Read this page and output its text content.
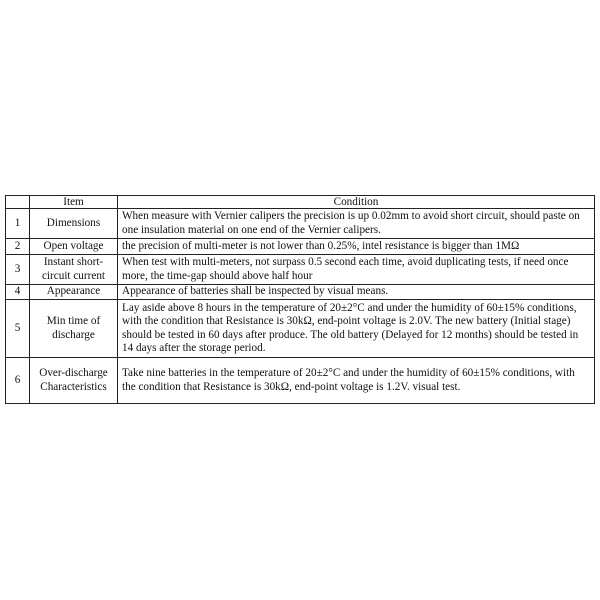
	Item	Condition
1	Dimensions	When measure with Vernier calipers the precision is up 0.02mm to avoid short circuit, should paste on one insulation material on one end of the Vernier calipers.
2	Open voltage	the precision of multi-meter is not lower than 0.25%, intel resistance is bigger than 1MΩ
3	Instant short-circuit current	When test with multi-meters, not surpass 0.5 second each time, avoid duplicating tests, if need once more, the time-gap should above half hour
4	Appearance	Appearance of batteries shall be inspected by visual means.
5	Min time of discharge	Lay aside above 8 hours in the temperature of 20±2°C and under the humidity of 60±15% conditions, with the condition that Resistance is 30kΩ, end-point voltage is 2.0V. The new battery (Initial stage) should be tested in 60 days after produce. The old battery (Delayed for 12 months) should be tested in 14 days after the storage period.
6	Over-discharge Characteristics	Take nine batteries in the temperature of 20±2°C and under the humidity of 60±15% conditions, with the condition that Resistance is 30kΩ, end-point voltage is 1.2V. visual test.
